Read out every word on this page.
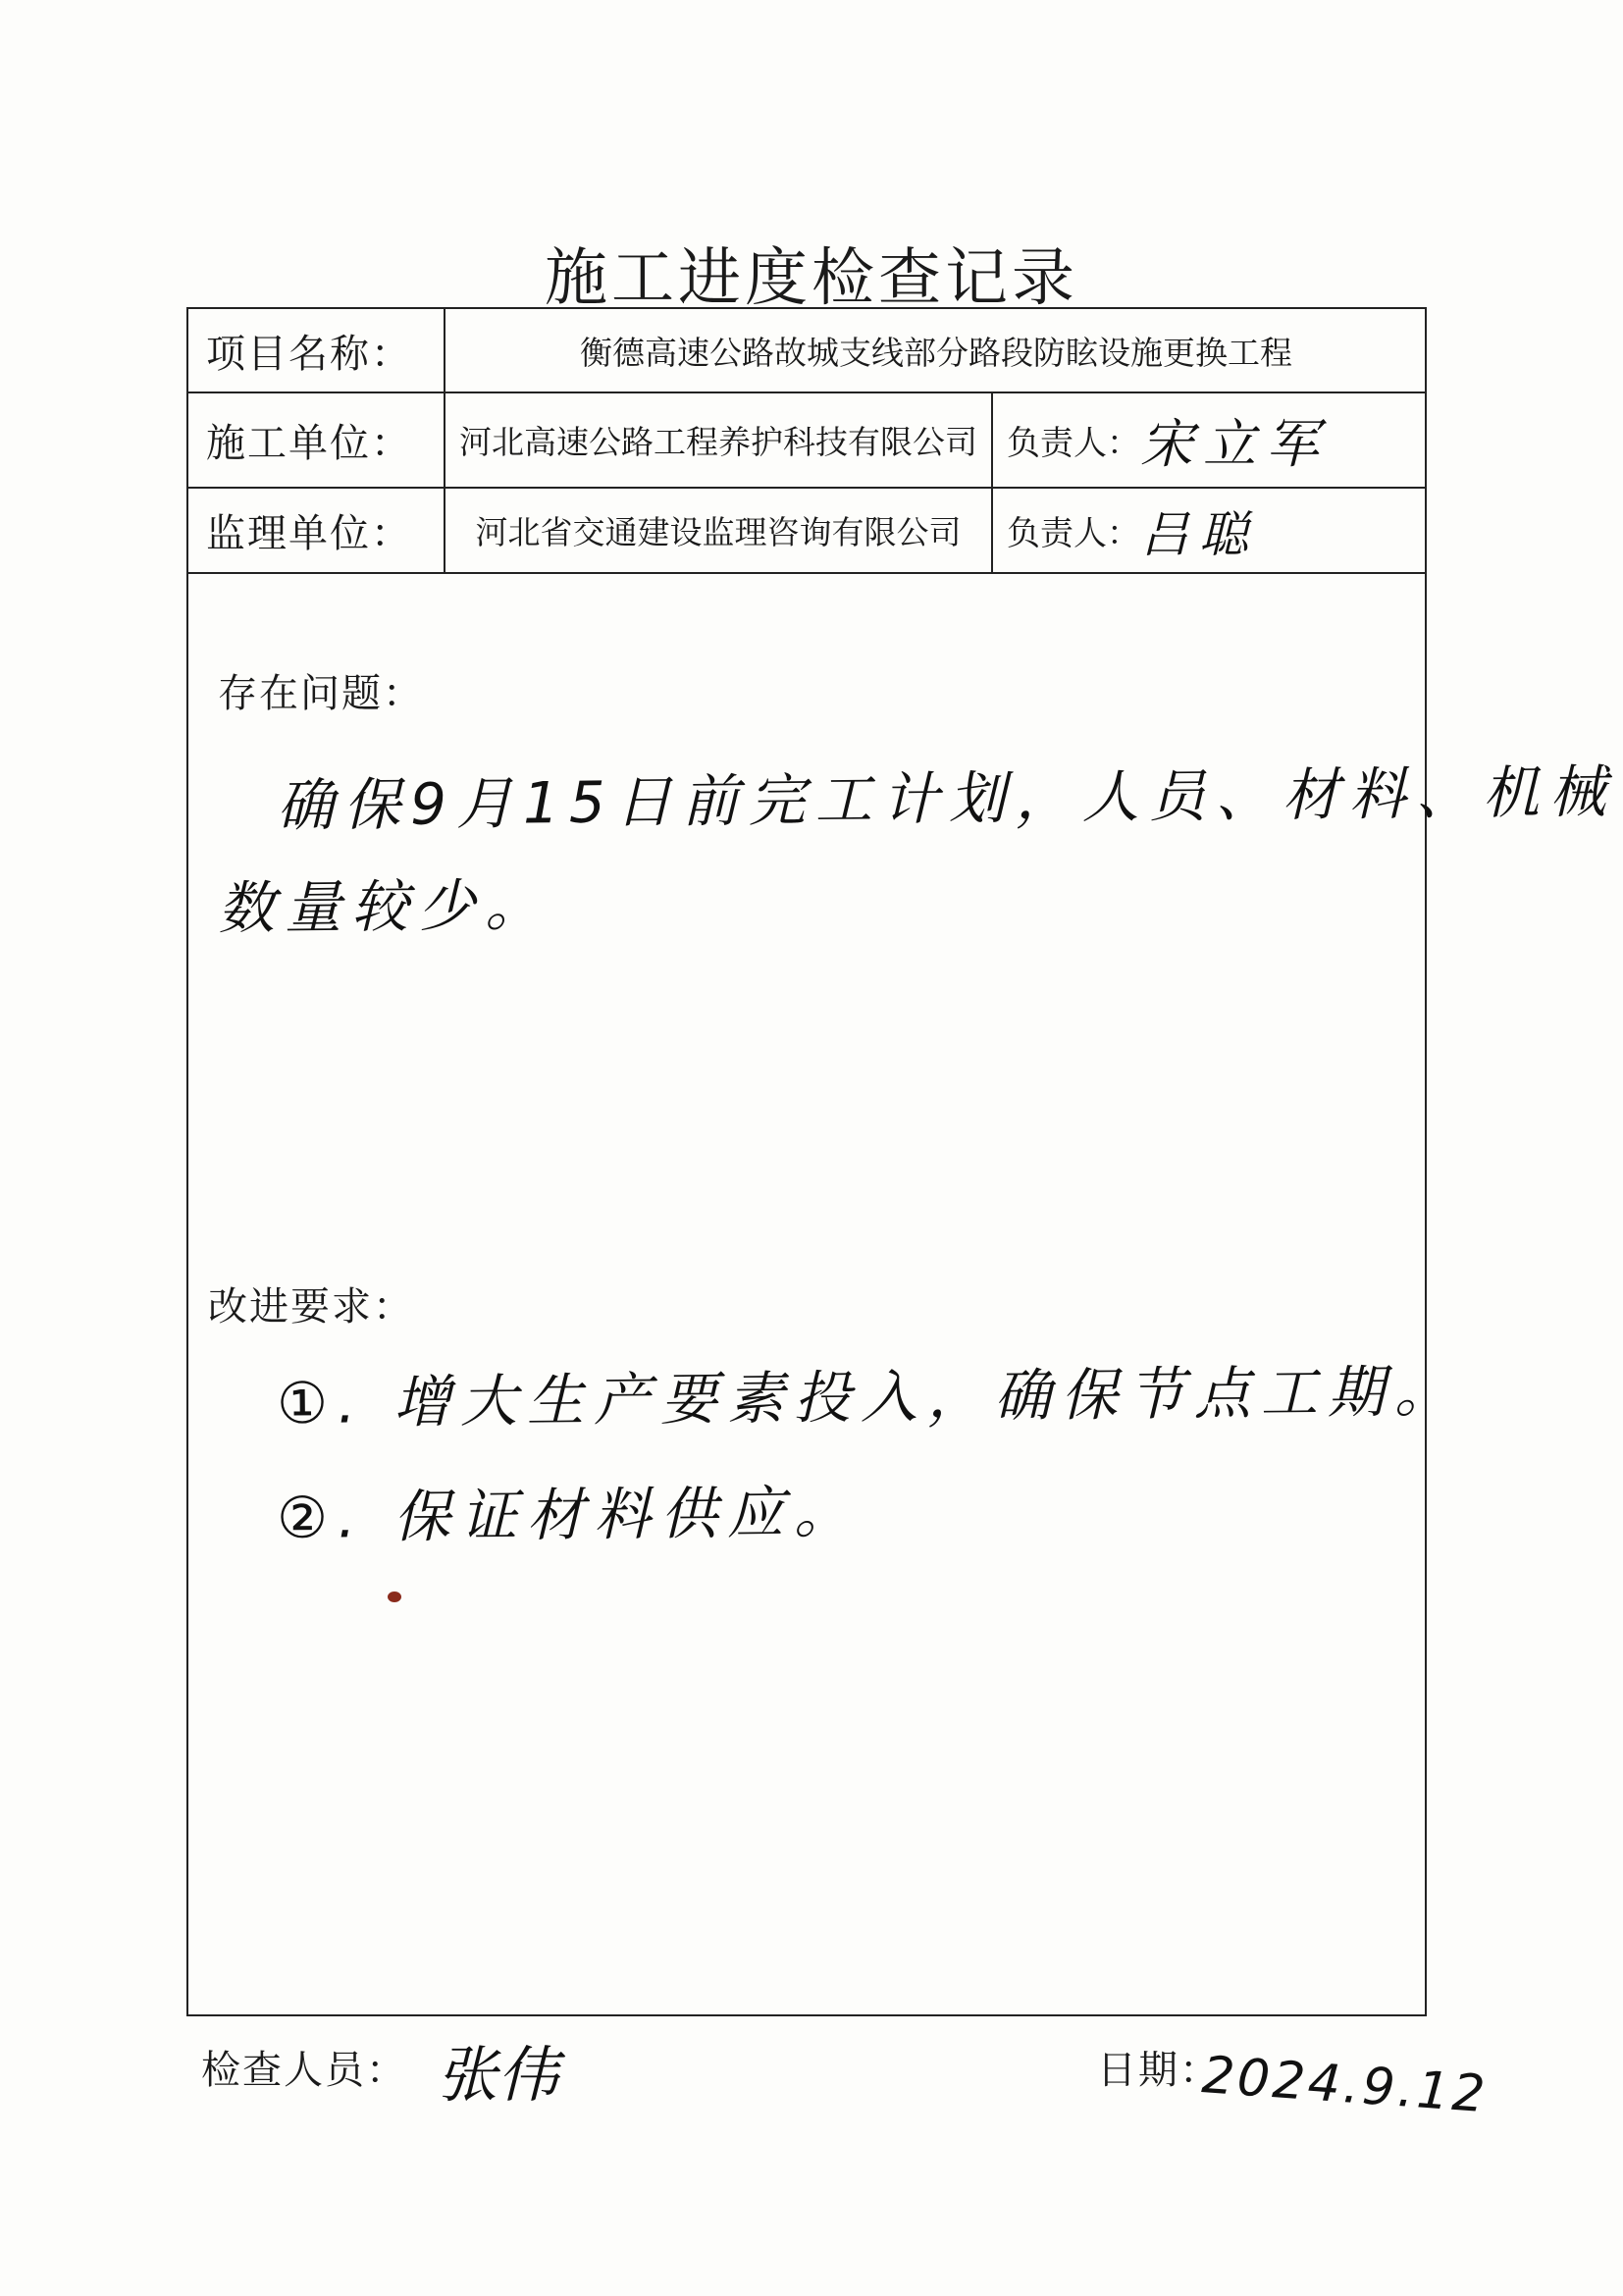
施工进度检查记录
项目名称：	衡德高速公路故城支线部分路段防眩设施更换工程
施工单位：	河北高速公路工程养护科技有限公司 负责人： 宋立军
监理单位：	河北省交通建设监理咨询有限公司	负责人： 吕聪
存在问题：
确保9月15日前完工计划，人员、材料、机械
数量较少。
改进要求：
①. 增大生产要素投入，确保节点工期。
②. 保证材料供应。
检查人员： 张伟	日期：
2024.9.12
